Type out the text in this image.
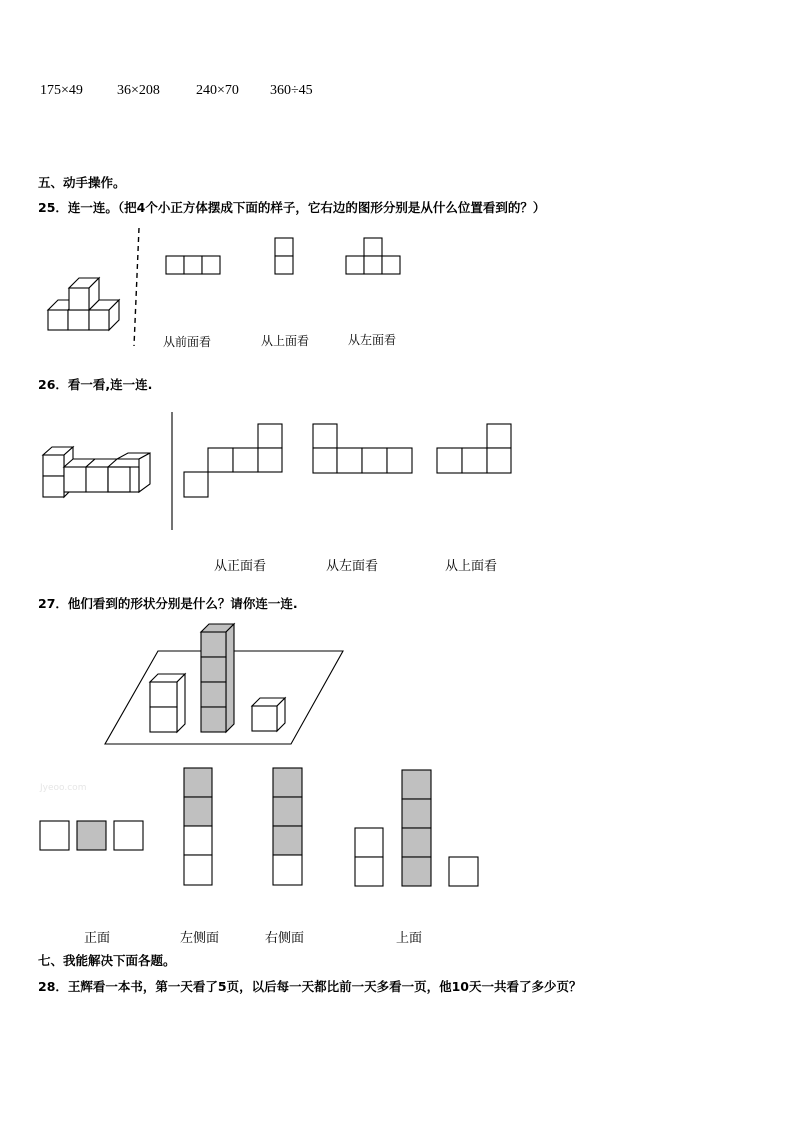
175×49 36×208	240×70 360÷45
五、动手操作。
25．连一连。（把4个小正方体摆成下面的样子，它右边的图形分别是从什么位置看到的？）
从前面看	从上面看	从左面看
26．看一看,连一连.
从正面看	从左面看	从上面看
27．他们看到的形状分别是什么？请你连一连.
Jyeoo.com
正面	左侧面	右侧面	上面
七、我能解决下面各题。
28．王辉看一本书，第一天看了5页，以后每一天都比前一天多看一页，他10天一共看了多少页？
